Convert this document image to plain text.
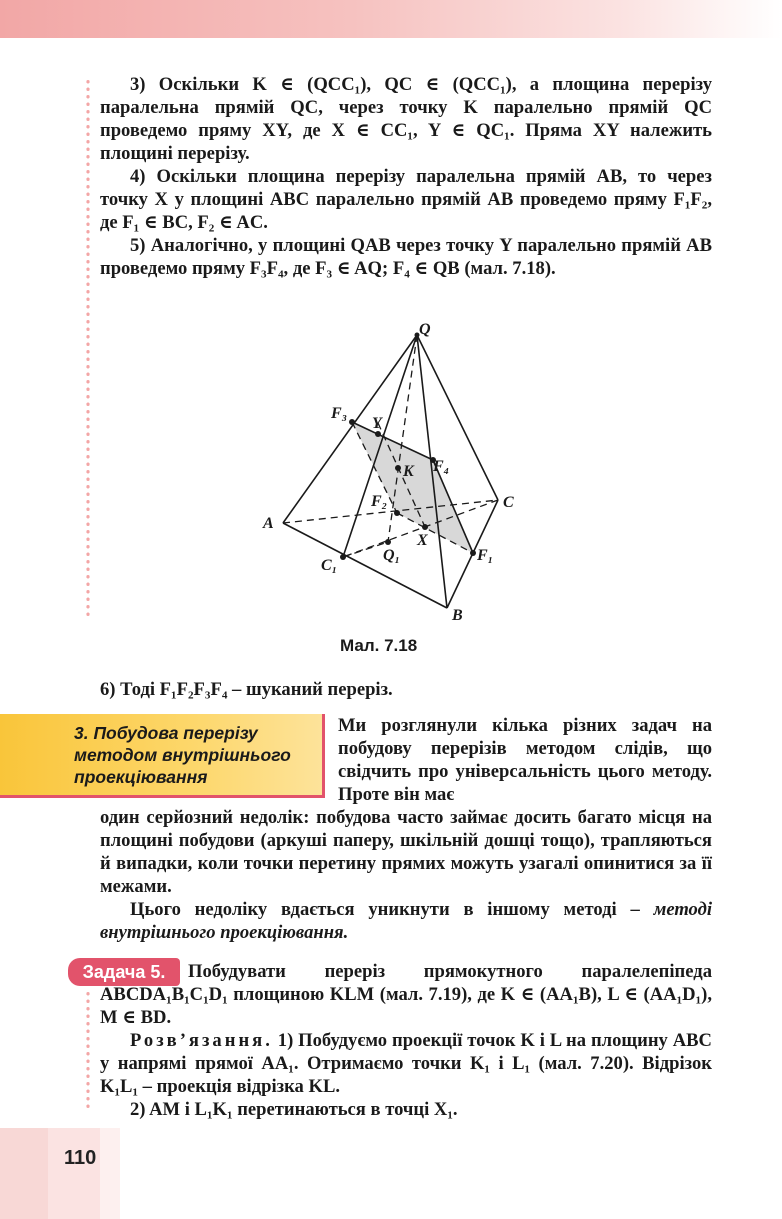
3) Оскільки K ∈ (QCC₁), QC ∈ (QCC₁), а площина перерізу паралельна прямій QC, через точку K паралельно прямій QC проведемо пряму XY, де X ∈ CC₁, Y ∈ QC₁. Пряма XY належить площині перерізу.

4) Оскільки площина перерізу паралельна прямій AB, то через точку X у площині ABC паралельно прямій AB проведемо пряму F₁F₂, де F₁ ∈ BC, F₂ ∈ AC.

5) Аналогічно, у площині QAB через точку Y паралельно прямій AB проведемо пряму F₃F₄, де F₃ ∈ AQ; F₄ ∈ QB (мал. 7.18).

Q
F₃
Y
F₄
K
F₂	C
A
X
Q₁	F₁
C₁
B
Мал. 7.18

6) Тоді F₁F₂F₃F₄ – шуканий переріз.

3. Побудова перерізу методом внутрішнього проекціювання

Ми розглянули кілька різних задач на побудову перерізів методом слідів, що свідчить про універсальність цього методу. Проте він має

один серйозний недолік: побудова часто займає досить багато місця на площині побудови (аркуші паперу, шкільній дошці тощо), трапляються й випадки, коли точки перетину прямих можуть узагалі опинитися за її межами.

Цього недоліку вдається уникнути в іншому методі – методі внутрішнього проекціювання.

Задача 5.	Побудувати переріз прямокутного паралелепіпеда ABCDA₁B₁C₁D₁ площиною KLM (мал. 7.19), де K ∈ (AA₁B), L ∈ (AA₁D₁), M ∈ BD.

Розв’язання. 1) Побудуємо проекції точок K і L на площину ABC у напрямі прямої AA₁. Отримаємо точки K₁ і L₁ (мал. 7.20). Відрізок K₁L₁ – проекція відрізка KL.

2) AM і L₁K₁ перетинаються в точці X₁.

110
